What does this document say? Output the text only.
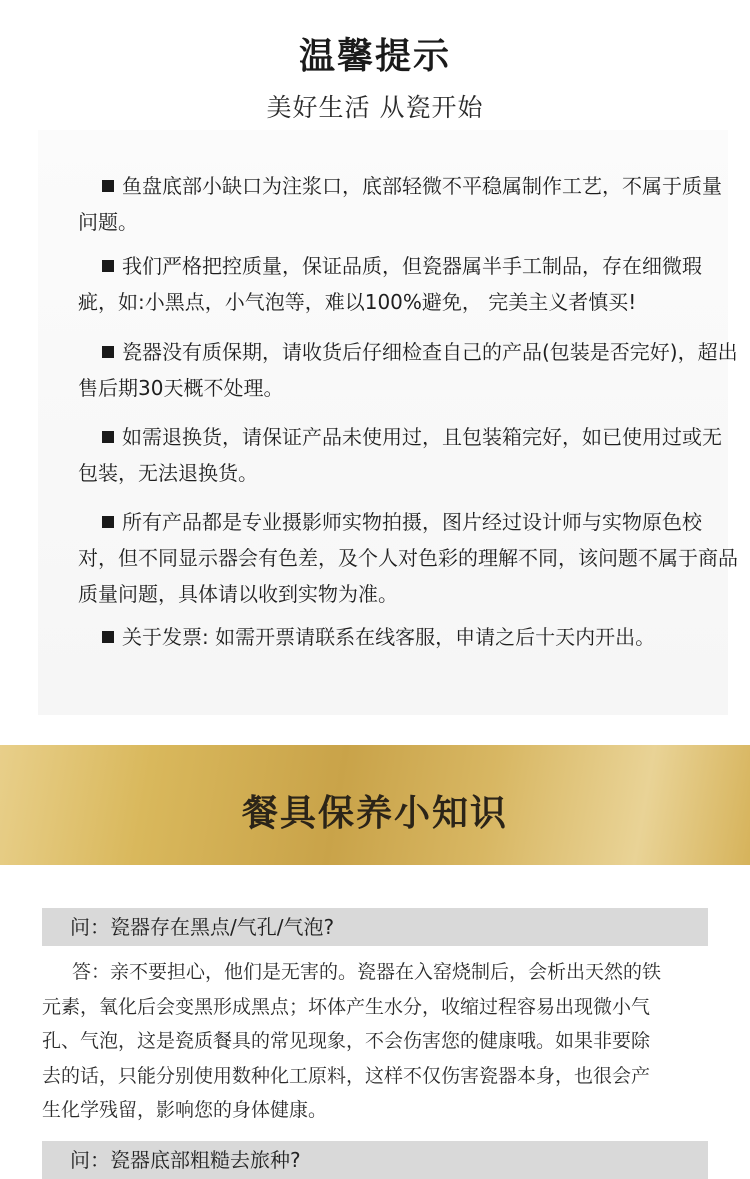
温馨提示
美好生活 从瓷开始
鱼盘底部小缺口为注浆口，底部轻微不平稳属制作工艺，不属于质量
问题。
我们严格把控质量，保证品质，但瓷器属半手工制品，存在细微瑕
疵，如:小黑点，小气泡等，难以100%避免， 完美主义者慎买!
瓷器没有质保期，请收货后仔细检查自己的产品(包装是否完好)，超出
售后期30天概不处理。
如需退换货，请保证产品未使用过，且包装箱完好，如已使用过或无
包装，无法退换货。
所有产品都是专业摄影师实物拍摄，图片经过设计师与实物原色校
对，但不同显示器会有色差，及个人对色彩的理解不同，该问题不属于商品
质量问题，具体请以收到实物为准。
关于发票: 如需开票请联系在线客服，申请之后十天内开出。
餐具保养小知识
问：瓷器存在黑点/气孔/气泡?
答：亲不要担心，他们是无害的。瓷器在入窑烧制后，会析出天然的铁
元素，氧化后会变黑形成黑点；坏体产生水分，收缩过程容易出现微小气
孔、气泡，这是瓷质餐具的常见现象，不会伤害您的健康哦。如果非要除
去的话，只能分别使用数种化工原料，这样不仅伤害瓷器本身，也很会产
生化学残留，影响您的身体健康。
问：瓷器底部粗糙去旅种?
